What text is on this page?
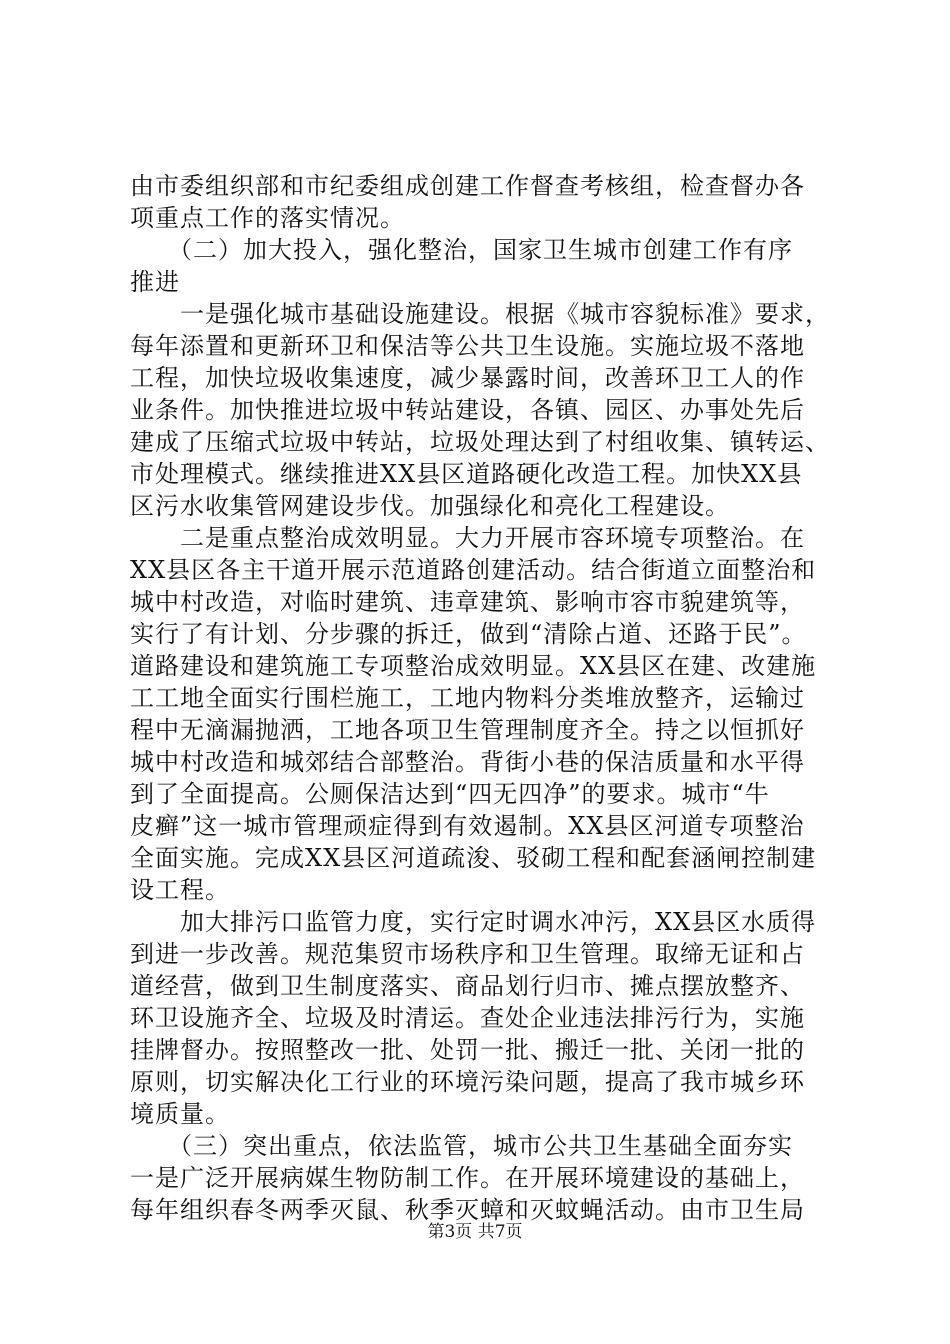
由市委组织部和市纪委组成创建工作督查考核组，检查督办各
项重点工作的落实情况。
　　（二）加大投入，强化整治，国家卫生城市创建工作有序
推进
　　一是强化城市基础设施建设。根据《城市容貌标准》要求，
每年添置和更新环卫和保洁等公共卫生设施。实施垃圾不落地
工程，加快垃圾收集速度，减少暴露时间，改善环卫工人的作
业条件。加快推进垃圾中转站建设，各镇、园区、办事处先后
建成了压缩式垃圾中转站，垃圾处理达到了村组收集、镇转运、
市处理模式。继续推进XX县区道路硬化改造工程。加快XX县
区污水收集管网建设步伐。加强绿化和亮化工程建设。
　　二是重点整治成效明显。大力开展市容环境专项整治。在
XX县区各主干道开展示范道路创建活动。结合街道立面整治和
城中村改造，对临时建筑、违章建筑、影响市容市貌建筑等，
实行了有计划、分步骤的拆迁，做到“清除占道、还路于民”。
道路建设和建筑施工专项整治成效明显。XX县区在建、改建施
工工地全面实行围栏施工，工地内物料分类堆放整齐，运输过
程中无滴漏抛洒，工地各项卫生管理制度齐全。持之以恒抓好
城中村改造和城郊结合部整治。背街小巷的保洁质量和水平得
到了全面提高。公厕保洁达到“四无四净”的要求。城市“牛
皮癣”这一城市管理顽症得到有效遏制。XX县区河道专项整治
全面实施。完成XX县区河道疏浚、驳砌工程和配套涵闸控制建
设工程。
　　加大排污口监管力度，实行定时调水冲污，XX县区水质得
到进一步改善。规范集贸市场秩序和卫生管理。取缔无证和占
道经营，做到卫生制度落实、商品划行归市、摊点摆放整齐、
环卫设施齐全、垃圾及时清运。查处企业违法排污行为，实施
挂牌督办。按照整改一批、处罚一批、搬迁一批、关闭一批的
原则，切实解决化工行业的环境污染问题，提高了我市城乡环
境质量。
　　（三）突出重点，依法监管，城市公共卫生基础全面夯实
一是广泛开展病媒生物防制工作。在开展环境建设的基础上，
每年组织春冬两季灭鼠、秋季灭蟑和灭蚊蝇活动。由市卫生局
第3页 共7页
